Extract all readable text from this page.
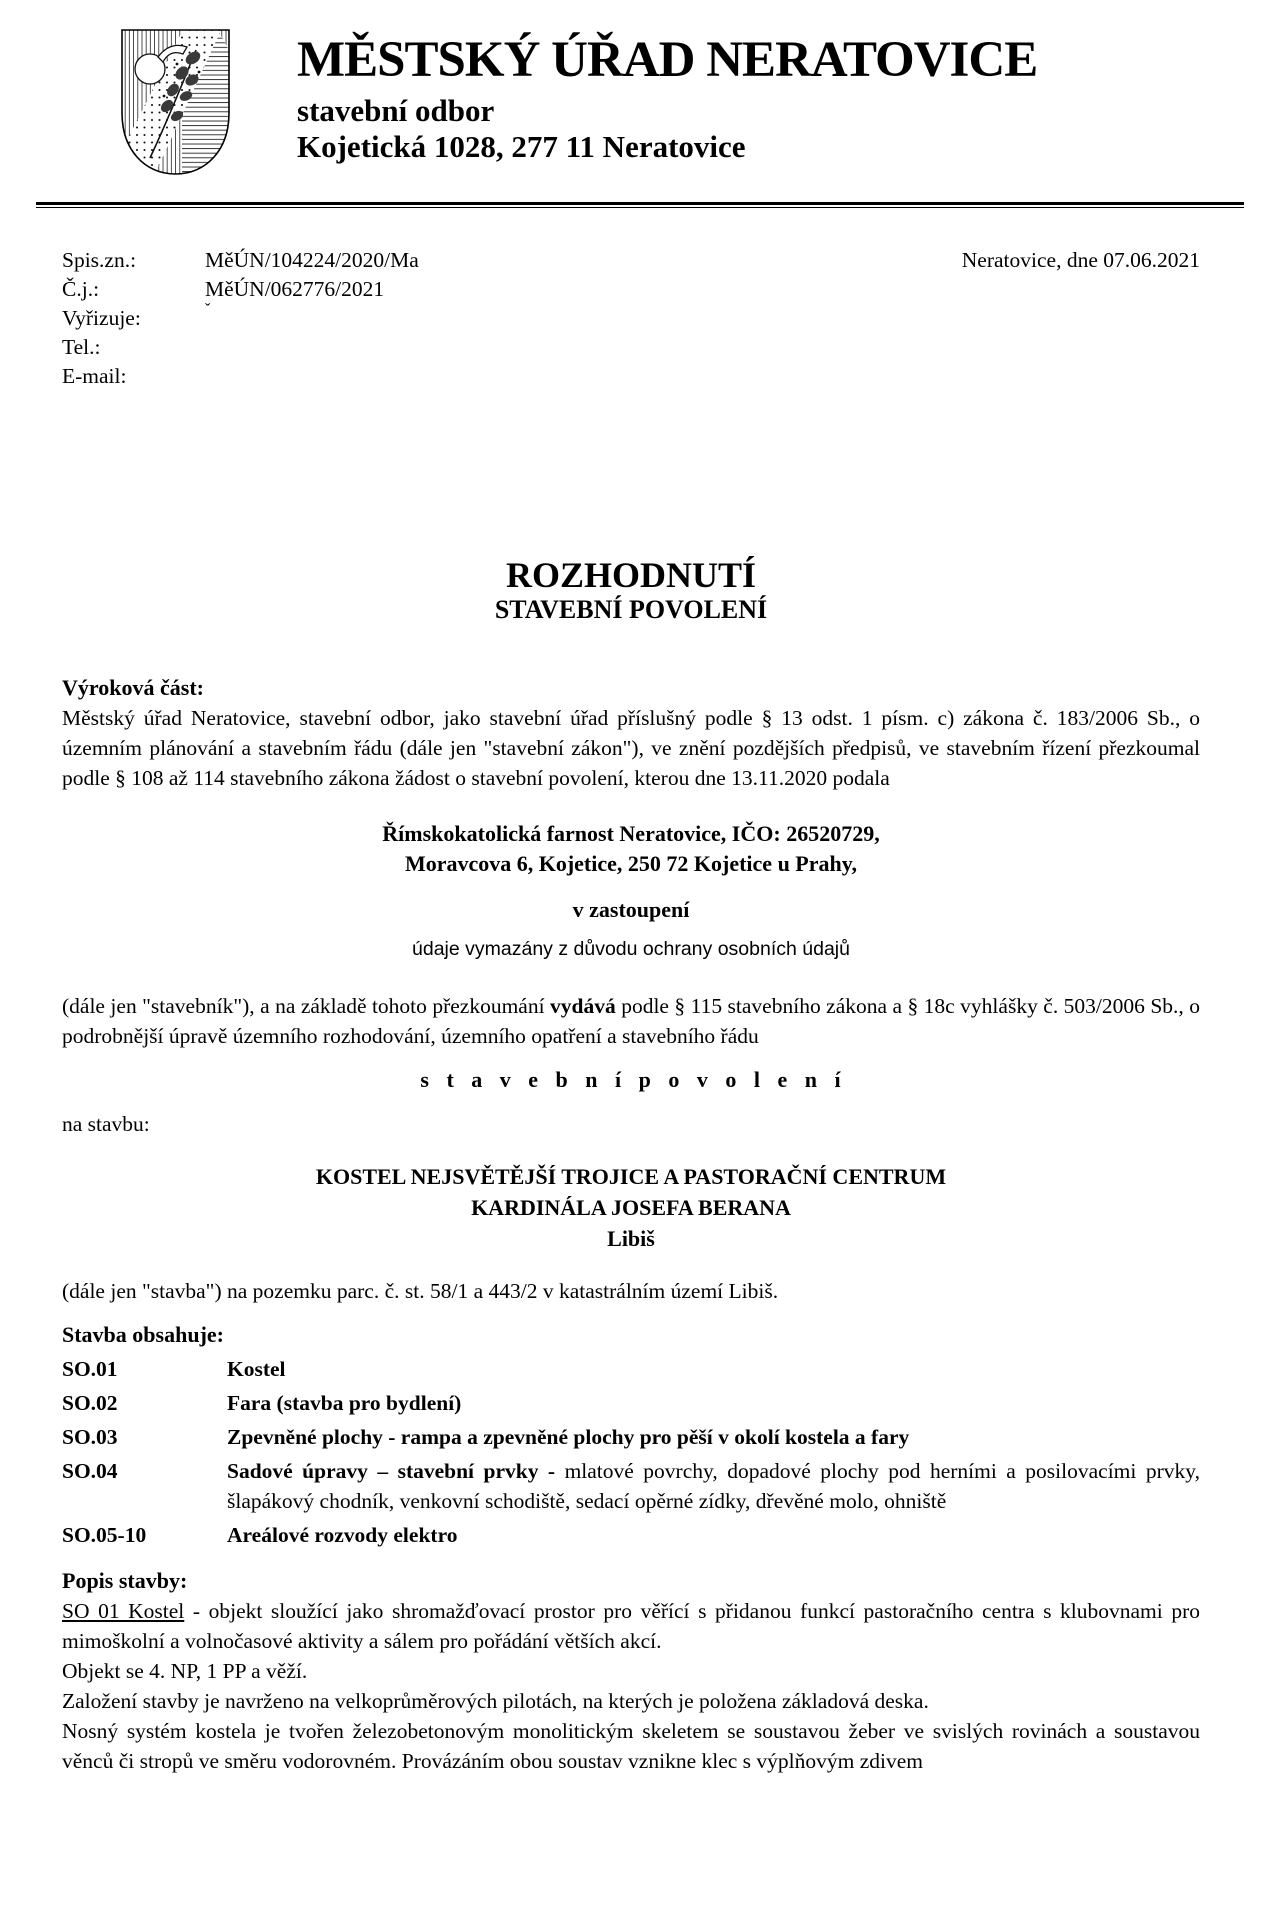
MĚSTSKÝ ÚŘAD NERATOVICE
stavební odbor
Kojetická 1028, 277 11 Neratovice
Neratovice, dne 07.06.2021
Spis.zn.:	MěÚN/104224/2020/Ma
Č.j.:	MěÚN/062776/2021
Vyřizuje:	ˇ
Tel.:
E-mail:
ROZHODNUTÍ
STAVEBNÍ POVOLENÍ
Výroková část:

Městský úřad Neratovice, stavební odbor, jako stavební úřad příslušný podle § 13 odst. 1 písm. c) zákona č. 183/2006 Sb., o územním plánování a stavebním řádu (dále jen "stavební zákon"), ve znění pozdějších předpisů, ve stavebním řízení přezkoumal podle § 108 až 114 stavebního zákona žádost o stavební povolení, kterou dne 13.11.2020 podala

Římskokatolická farnost Neratovice, IČO: 26520729,
Moravcova 6, Kojetice, 250 72 Kojetice u Prahy,
v zastoupení
údaje vymazány z důvodu ochrany osobních údajů

(dále jen "stavebník"), a na základě tohoto přezkoumání vydává podle § 115 stavebního zákona a § 18c vyhlášky č. 503/2006 Sb., o podrobnější úpravě územního rozhodování, územního opatření a stavebního řádu

s t a v e b n í p o v o l e n í
na stavbu:
KOSTEL NEJSVĚTĚJŠÍ TROJICE A PASTORAČNÍ CENTRUM
KARDINÁLA JOSEFA BERANA
Libiš

(dále jen "stavba") na pozemku parc. č. st. 58/1 a 443/2 v katastrálním území Libiš.

Stavba obsahuje:
SO.01	Kostel
SO.02	Fara (stavba pro bydlení)
SO.03	Zpevněné plochy - rampa a zpevněné plochy pro pěší v okolí kostela a fary
SO.04	Sadové úpravy – stavební prvky - mlatové povrchy, dopadové plochy pod herními a posilovacími prvky, šlapákový chodník, venkovní schodiště, sedací opěrné zídky, dřevěné molo, ohniště
SO.05-10	Areálové rozvody elektro
Popis stavby:

SO 01 Kostel - objekt sloužící jako shromažďovací prostor pro věřící s přidanou funkcí pastoračního centra s klubovnami pro mimoškolní a volnočasové aktivity a sálem pro pořádání větších akcí.

Objekt se 4. NP, 1 PP a věží.

Založení stavby je navrženo na velkoprůměrových pilotách, na kterých je položena základová deska.

Nosný systém kostela je tvořen železobetonovým monolitickým skeletem se soustavou žeber ve svislých rovinách a soustavou věnců či stropů ve směru vodorovném. Provázáním obou soustav vznikne klec s výplňovým zdivem
